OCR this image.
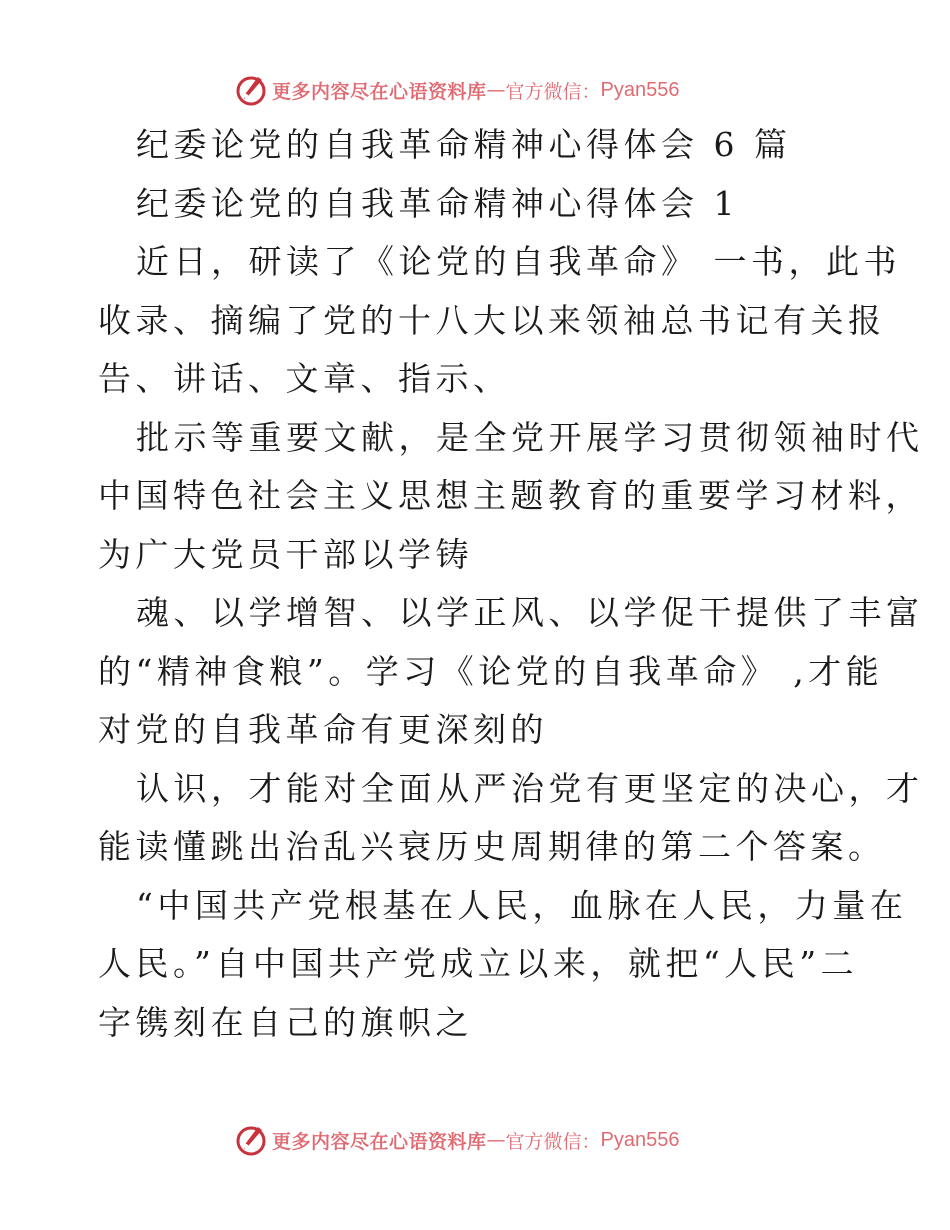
更多内容尽在心语资料库 — 官方微信： Pyan556
纪委论党的自我革命精神心得体会 6 篇
纪委论党的自我革命精神心得体会 1
近日，研读了《论党的自我革命》 一书，此书
收录、摘编了党的十八大以来领袖总书记有关报
告、讲话、文章、指示、
批示等重要文献，是全党开展学习贯彻领袖时代
中国特色社会主义思想主题教育的重要学习材料，
为广大党员干部以学铸
魂、以学增智、以学正风、以学促干提供了丰富
的“精神食粮”。学习《论党的自我革命》 ,才能
对党的自我革命有更深刻的
认识，才能对全面从严治党有更坚定的决心，才
能读懂跳出治乱兴衰历史周期律的第二个答案。
“中国共产党根基在人民，血脉在人民，力量在
人民。”自中国共产党成立以来，就把“人民”二
字镌刻在自己的旗帜之
更多内容尽在心语资料库 — 官方微信： Pyan556
